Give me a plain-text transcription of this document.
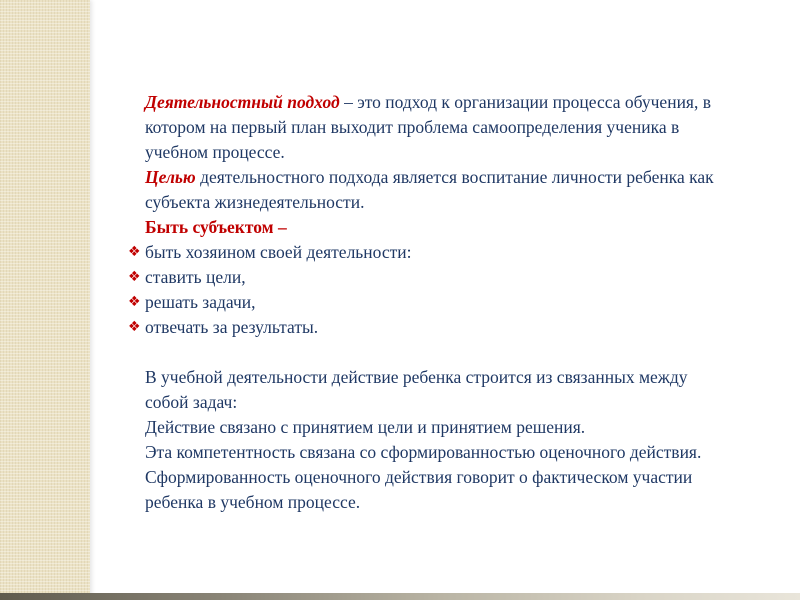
Деятельностный подход – это подход к организации процесса обучения, в котором на первый план выходит проблема самоопределения ученика в учебном процессе.

Целью деятельностного подхода является воспитание личности ребенка как субъекта жизнедеятельности.

Быть субъектом –

❖ быть хозяином своей деятельности:
❖ ставить цели,
❖ решать задачи,
❖ отвечать за результаты.

В учебной деятельности действие ребенка строится из связанных между собой задач:

Действие связано с принятием цели и принятием решения.

Эта компетентность связана со сформированностью оценочного действия.

Сформированность оценочного действия говорит о фактическом участии ребенка в учебном процессе.
